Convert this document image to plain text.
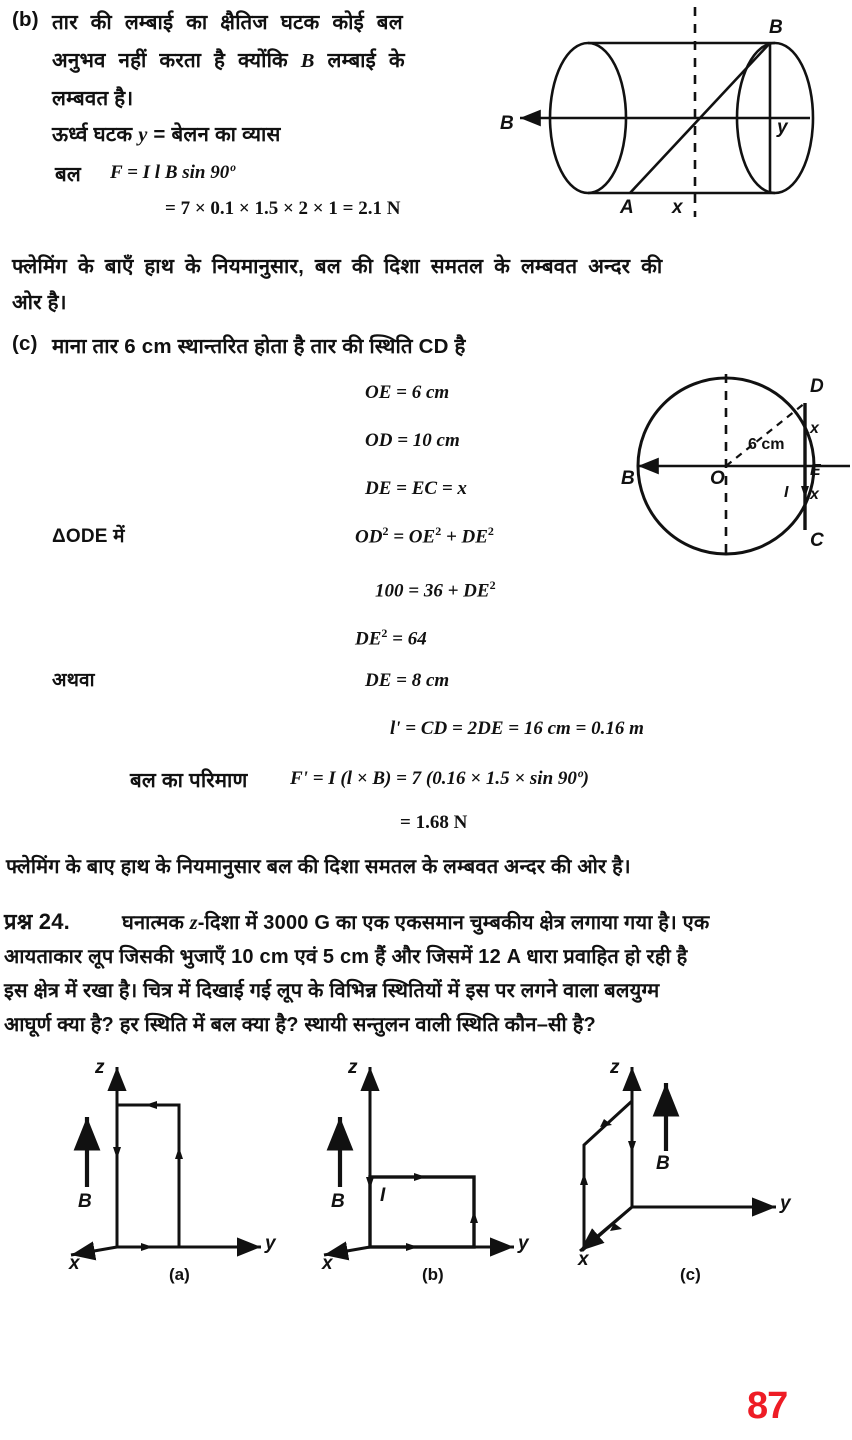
(b) तार की लम्बाई का क्षैतिज घटक कोई बल
अनुभव नहीं करता है क्योंकि B लम्बाई के
लम्बवत है।
ऊर्ध्व घटक y = बेलन का व्यास
बल F = I l B sin 90º
= 7 × 0.1 × 1.5 × 2 × 1 = 2.1 N
B
B
A x
y
फ्लेमिंग के बाएँ हाथ के नियमानुसार, बल की दिशा समतल के लम्बवत अन्दर की
ओर है।
(c) माना तार 6 cm स्थान्तरित होता है तार की स्थिति CD है
OE = 6 cm
OD = 10 cm
DE = EC = x
ΔODE में	$OD^2 = OE^2 + DE^2$
$100 = 36 + DE^2$
$DE^2 = 64$
अथवा	DE = 8 cm
l' = CD = 2DE = 16 cm = 0.16 m
बल का परिमाण F' = I (l × B) = 7 (0.16 × 1.5 × sin 90º)
= 1.68 N
B	O
D
C
E
x
x
I
6 cm
फ्लेमिंग के बाए हाथ के नियमानुसार बल की दिशा समतल के लम्बवत अन्दर की ओर है।
प्रश्न 24.	घनात्मक z-दिशा में 3000 G का एक एकसमान चुम्बकीय क्षेत्र लगाया गया है। एक
आयताकार लूप जिसकी भुजाएँ 10 cm एवं 5 cm हैं और जिसमें 12 A धारा प्रवाहित हो रही है
इस क्षेत्र में रखा है। चित्र में दिखाई गई लूप के विभिन्न स्थितियों में इस पर लगने वाला बलयुग्म
आघूर्ण क्या है? हर स्थिति में बल क्या है? स्थायी सन्तुलन वाली स्थिति कौन–सी है?
z
y
x
B
(a)
z
y
x
B I
(b)
z
y
x
B
(c)
87
